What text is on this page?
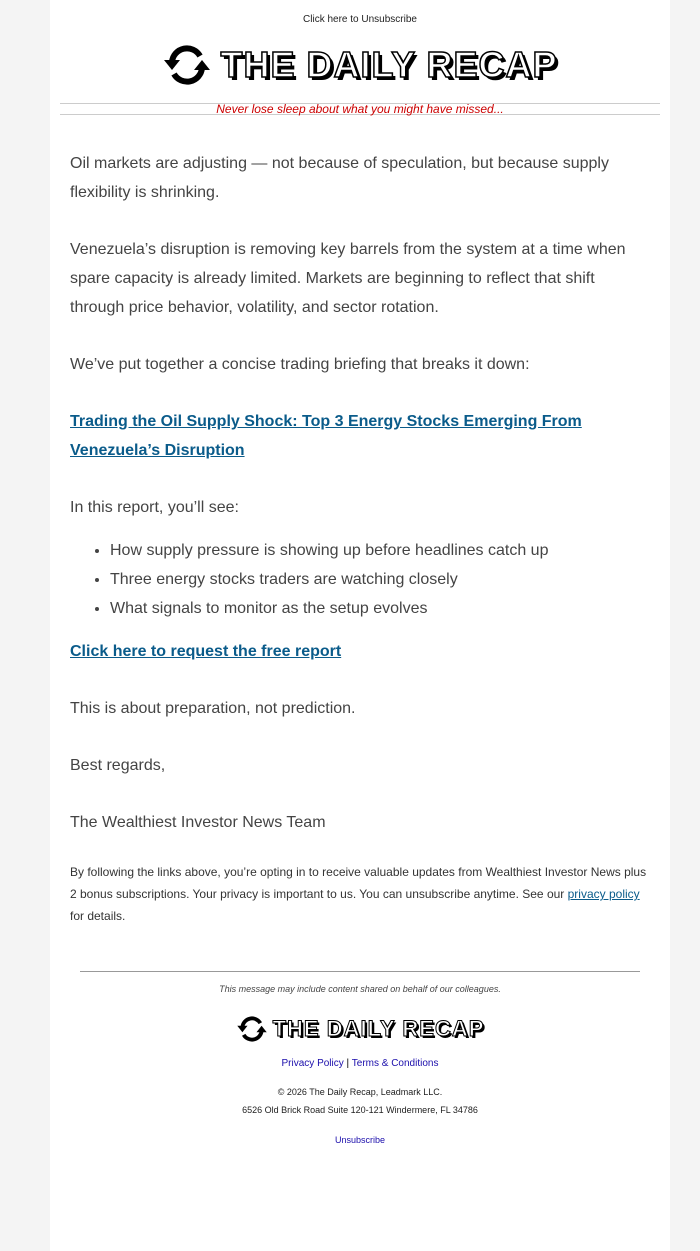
Click here to Unsubscribe
THE DAILY RECAP
Never lose sleep about what you might have missed...

Oil markets are adjusting — not because of speculation, but because supply flexibility is shrinking.

Venezuela’s disruption is removing key barrels from the system at a time when spare capacity is already limited. Markets are beginning to reflect that shift through price behavior, volatility, and sector rotation.

We’ve put together a concise trading briefing that breaks it down:

Trading the Oil Supply Shock: Top 3 Energy Stocks Emerging From Venezuela’s Disruption

In this report, you’ll see:

• How supply pressure is showing up before headlines catch up
• Three energy stocks traders are watching closely
• What signals to monitor as the setup evolves

Click here to request the free report

This is about preparation, not prediction.

Best regards,

The Wealthiest Investor News Team

By following the links above, you’re opting in to receive valuable updates from Wealthiest Investor News plus 2 bonus subscriptions. Your privacy is important to us. You can unsubscribe anytime. See our privacy policy for details.
This message may include content shared on behalf of our colleagues.
THE DAILY RECAP
Privacy Policy | Terms & Conditions
© 2026 The Daily Recap, Leadmark LLC.
6526 Old Brick Road Suite 120-121 Windermere, FL 34786
Unsubscribe
